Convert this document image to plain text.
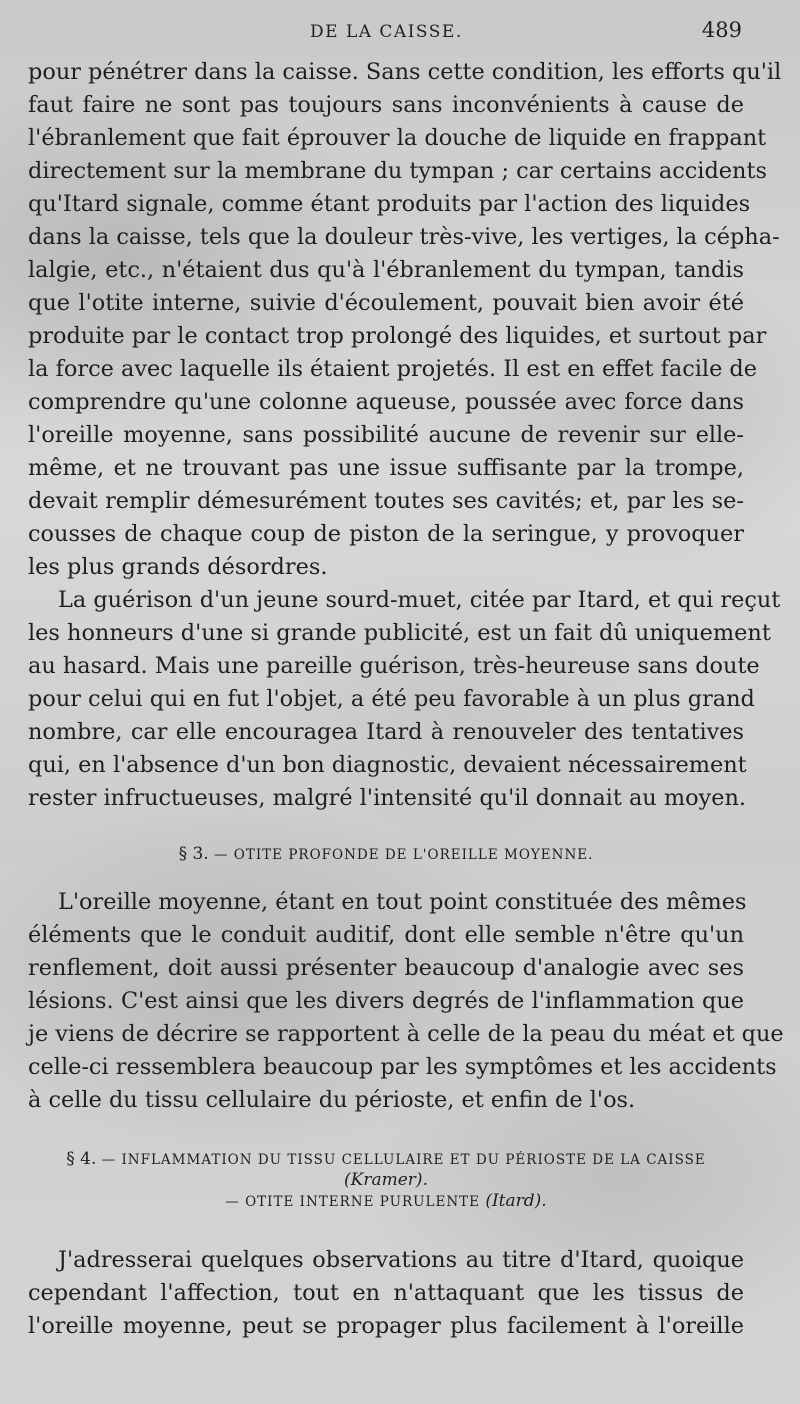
DE LA CAISSE.	489
pour pénétrer dans la caisse. Sans cette condition, les efforts qu'il
faut faire ne sont pas toujours sans inconvénients à cause de
l'ébranlement que fait éprouver la douche de liquide en frappant
directement sur la membrane du tympan ; car certains accidents
qu'Itard signale, comme étant produits par l'action des liquides
dans la caisse, tels que la douleur très-vive, les vertiges, la cépha-
lalgie, etc., n'étaient dus qu'à l'ébranlement du tympan, tandis
que l'otite interne, suivie d'écoulement, pouvait bien avoir été
produite par le contact trop prolongé des liquides, et surtout par
la force avec laquelle ils étaient projetés. Il est en effet facile de
comprendre qu'une colonne aqueuse, poussée avec force dans
l'oreille moyenne, sans possibilité aucune de revenir sur elle-
même, et ne trouvant pas une issue suffisante par la trompe,
devait remplir démesurément toutes ses cavités; et, par les se-
cousses de chaque coup de piston de la seringue, y provoquer
les plus grands désordres.
La guérison d'un jeune sourd-muet, citée par Itard, et qui reçut
les honneurs d'une si grande publicité, est un fait dû uniquement
au hasard. Mais une pareille guérison, très-heureuse sans doute
pour celui qui en fut l'objet, a été peu favorable à un plus grand
nombre, car elle encouragea Itard à renouveler des tentatives
qui, en l'absence d'un bon diagnostic, devaient nécessairement
rester infructueuses, malgré l'intensité qu'il donnait au moyen.

§ 3. — OTITE PROFONDE DE L'OREILLE MOYENNE.

L'oreille moyenne, étant en tout point constituée des mêmes
éléments que le conduit auditif, dont elle semble n'être qu'un
renflement, doit aussi présenter beaucoup d'analogie avec ses
lésions. C'est ainsi que les divers degrés de l'inflammation que
je viens de décrire se rapportent à celle de la peau du méat et que
celle-ci ressemblera beaucoup par les symptômes et les accidents
à celle du tissu cellulaire du périoste, et enfin de l'os.

§ 4. — INFLAMMATION DU TISSU CELLULAIRE ET DU PÉRIOSTE DE LA CAISSE (Kramer).
— OTITE INTERNE PURULENTE (Itard).

J'adresserai quelques observations au titre d'Itard, quoique
cependant l'affection, tout en n'attaquant que les tissus de
l'oreille moyenne, peut se propager plus facilement à l'oreille
